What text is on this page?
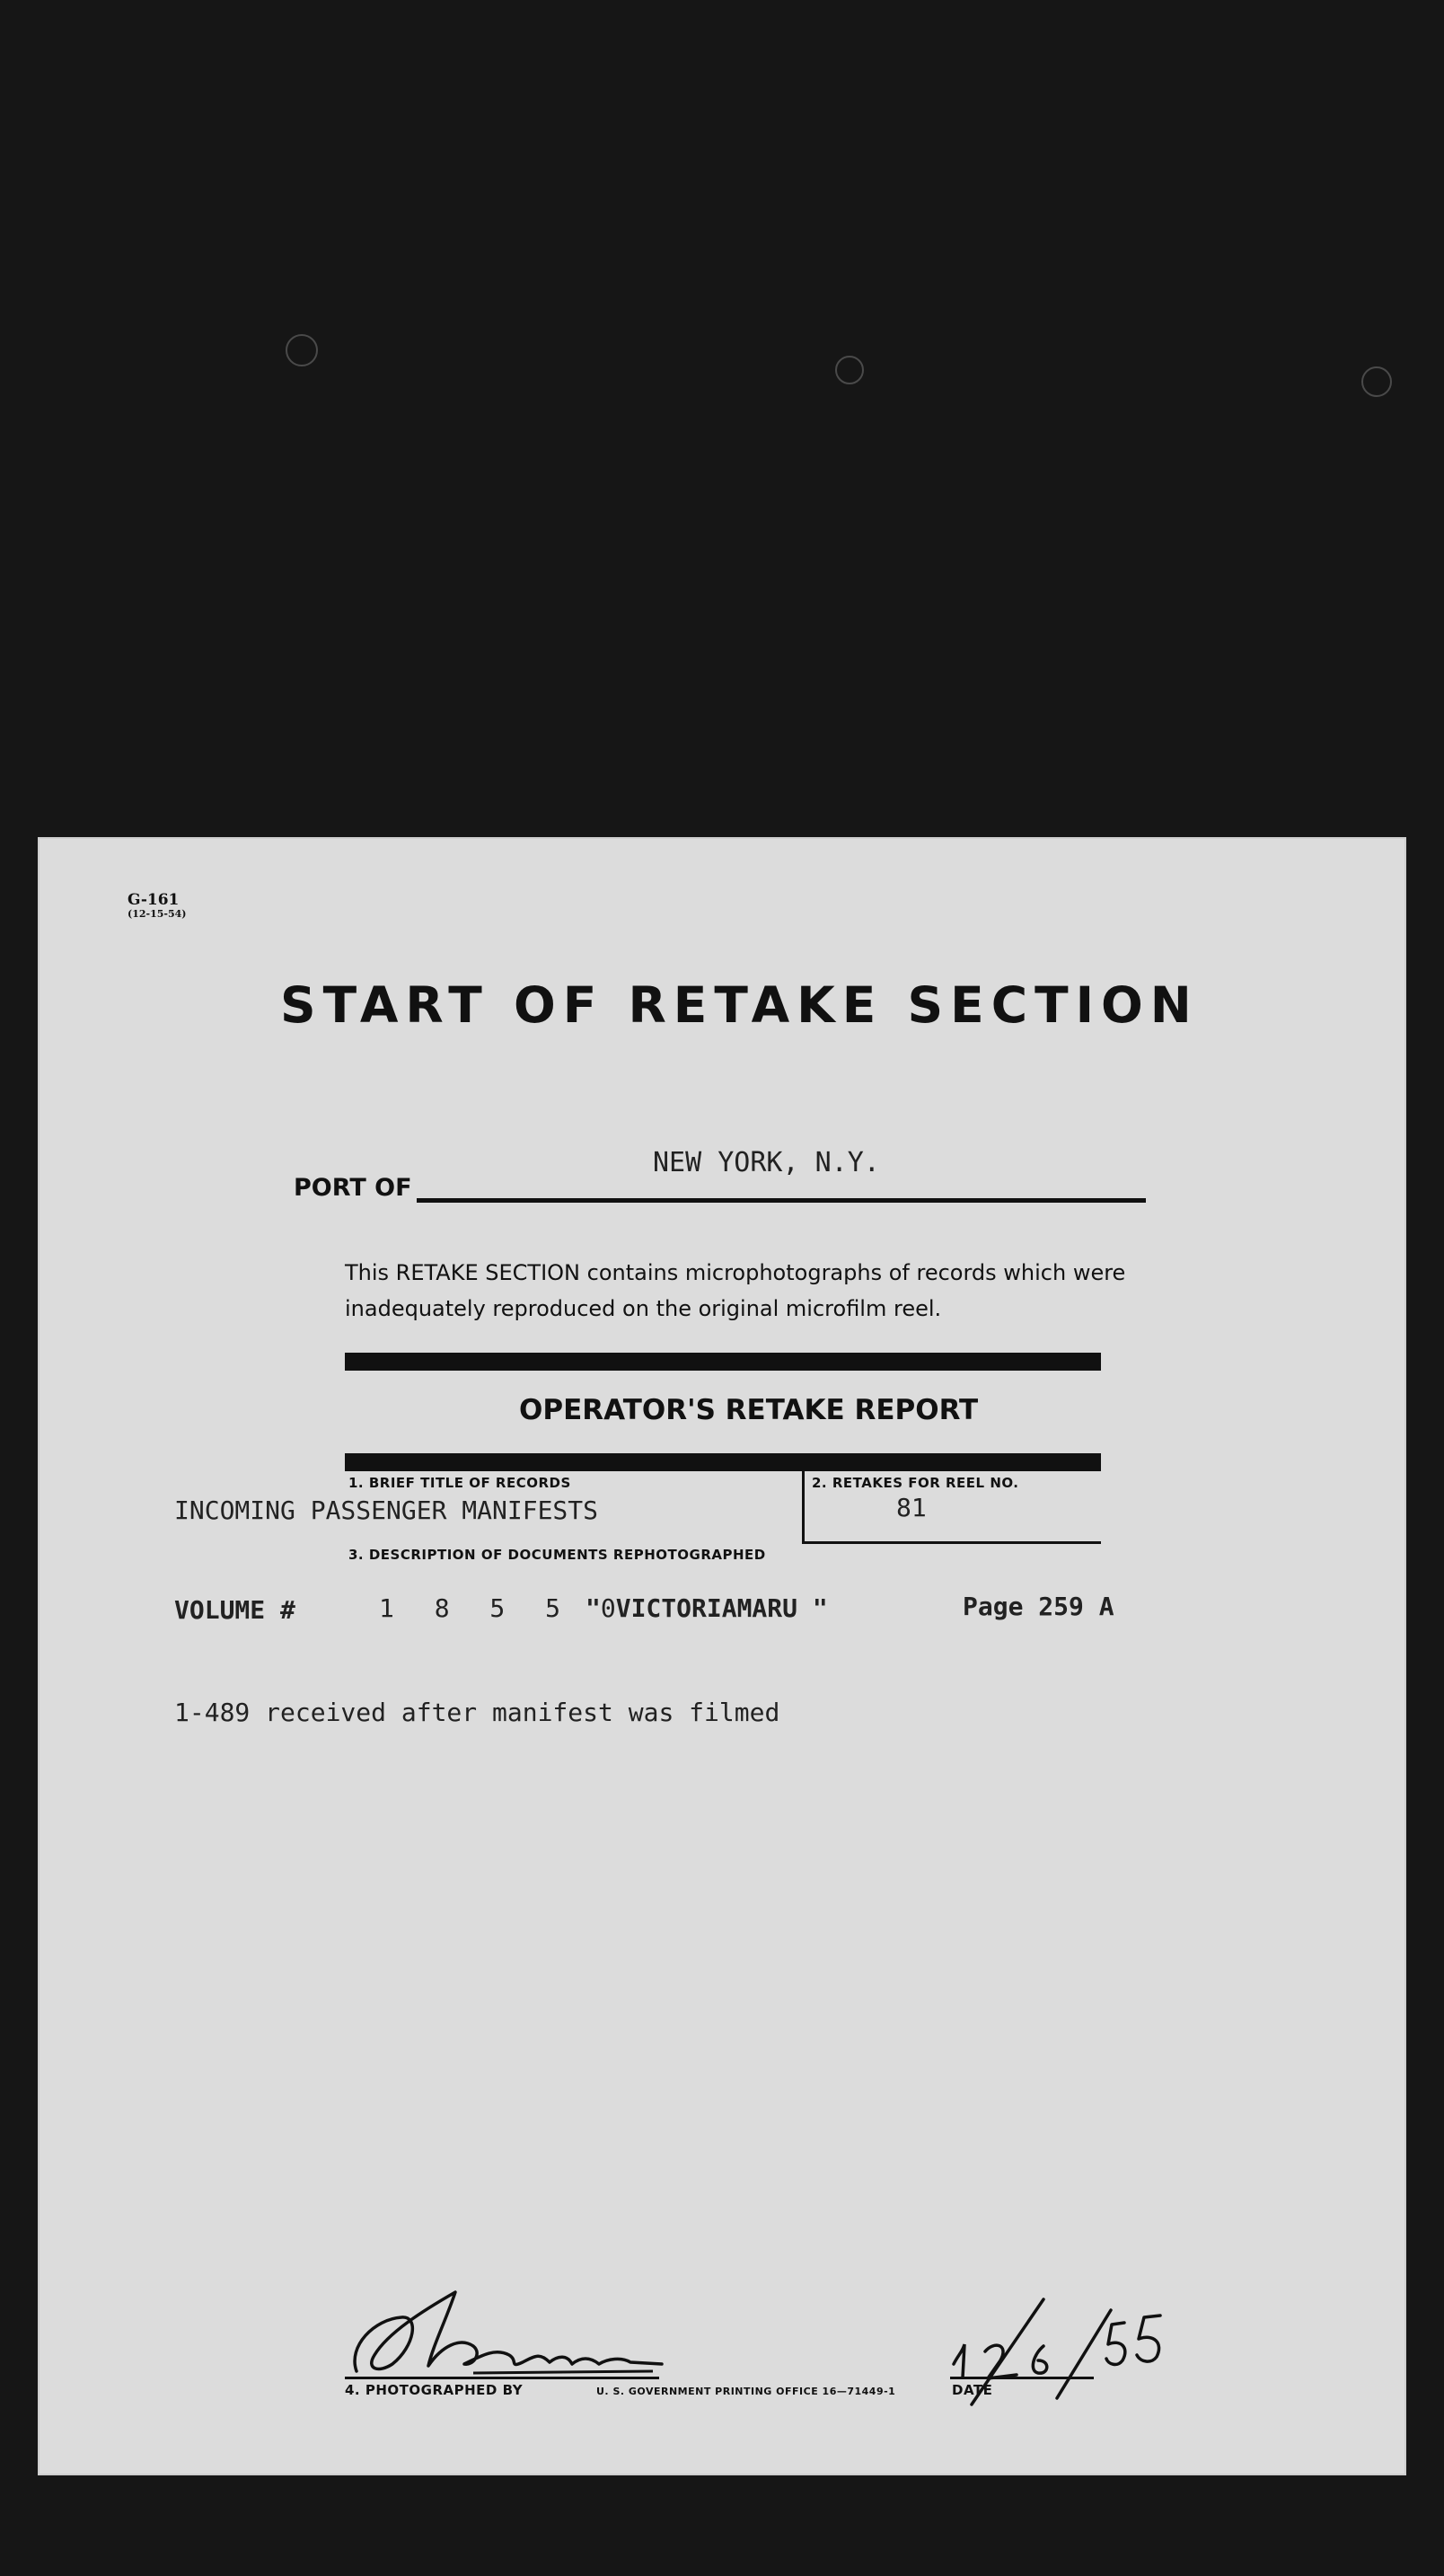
G-161
(12-15-54)
START OF RETAKE SECTION
PORT OF
NEW YORK, N.Y.
This RETAKE SECTION contains microphotographs of records which were inadequately reproduced on the original microfilm reel.
OPERATOR'S RETAKE REPORT
1. BRIEF TITLE OF RECORDS	2. RETAKES FOR REEL NO.
INCOMING PASSENGER MANIFESTS	81
3. DESCRIPTION OF DOCUMENTS REPHOTOGRAPHED
VOLUME #	1 8 5 5 0
" VICTORIAMARU "	Page 259 A
1-489 received after manifest was filmed
4. PHOTOGRAPHED BY	U. S. GOVERNMENT PRINTING OFFICE 16—71449-1	DATE
